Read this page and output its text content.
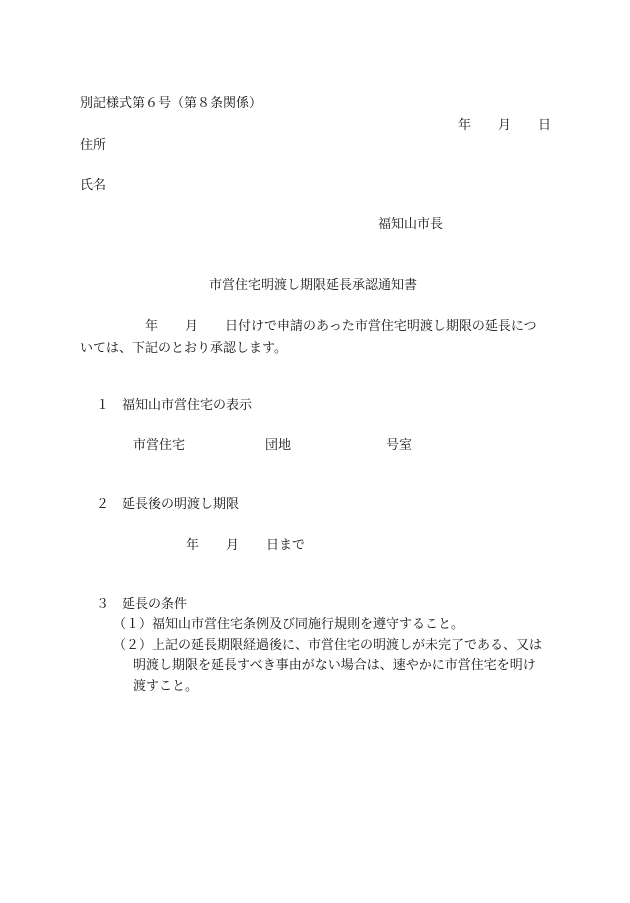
別記様式第６号（第８条関係）
年 月 日
住所
氏名
福知山市長
市営住宅明渡し期限延長承認通知書
年 月 日付けで申請のあった市営住宅明渡し期限の延長につ
いては、下記のとおり承認します。
１　福知山市営住宅の表示
市営住宅	団地	号室
２　延長後の明渡し期限
年 月 日まで
３　延長の条件
（１）福知山市営住宅条例及び同施行規則を遵守すること。
（２）上記の延長期限経過後に、市営住宅の明渡しが未完了である、又は
明渡し期限を延長すべき事由がない場合は、速やかに市営住宅を明け
渡すこと。
